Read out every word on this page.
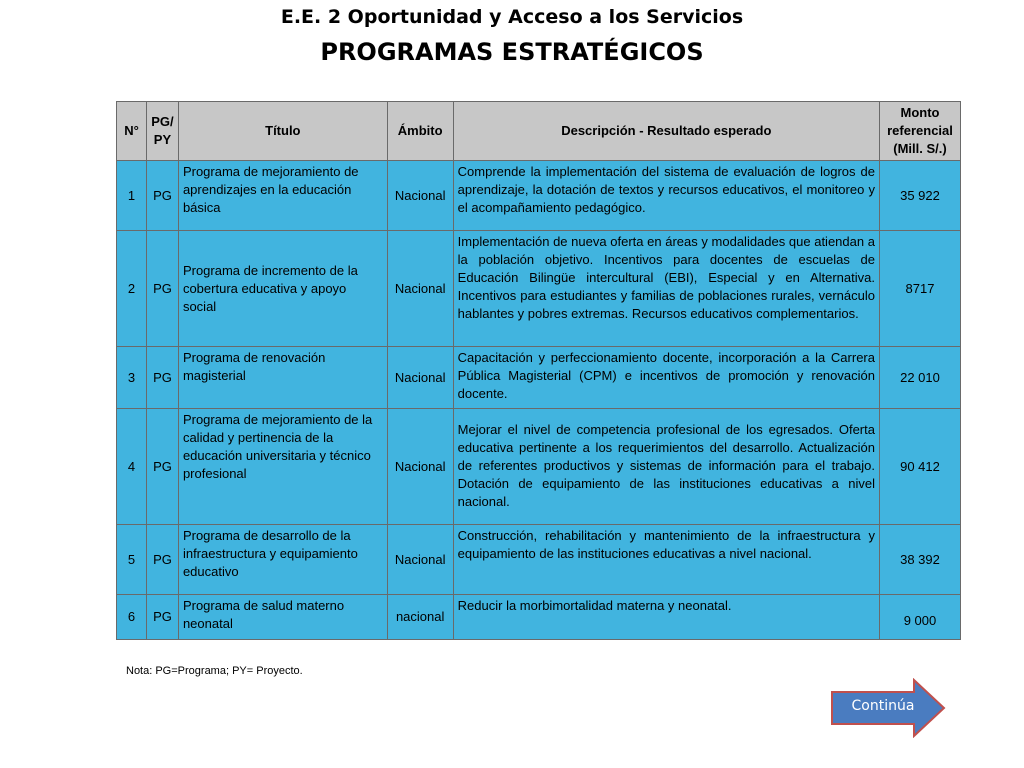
E.E. 2 Oportunidad y Acceso a los Servicios
PROGRAMAS ESTRATÉGICOS
N°	PG/ PY	Título	Ámbito	Descripción - Resultado esperado	Monto referencial (Mill. S/.)
1	PG	Programa de mejoramiento de aprendizajes en la educación básica	Nacional	Comprende la implementación del sistema de evaluación de logros de aprendizaje, la dotación de textos y recursos educativos, el monitoreo y el acompañamiento pedagógico.	35 922
2	PG	Programa de incremento de la cobertura educativa y apoyo social	Nacional	Implementación de nueva oferta en áreas y modalidades que atiendan a la población objetivo. Incentivos para docentes de escuelas de Educación Bilingüe intercultural (EBI), Especial y en Alternativa. Incentivos para estudiantes y familias de poblaciones rurales, vernáculo hablantes y pobres extremas. Recursos educativos complementarios.	8717
3	PG	Programa de renovación magisterial	Nacional	Capacitación y perfeccionamiento docente, incorporación a la Carrera Pública Magisterial (CPM) e incentivos de promoción y renovación docente.	22 010
4	PG	Programa de mejoramiento de la calidad y pertinencia de la educación universitaria y técnico profesional	Nacional	Mejorar el nivel de competencia profesional de los egresados. Oferta educativa pertinente a los requerimientos del desarrollo. Actualización de referentes productivos y sistemas de información para el trabajo. Dotación de equipamiento de las instituciones educativas a nivel nacional.	90 412
5	PG	Programa de desarrollo de la infraestructura y equipamiento educativo	Nacional	Construcción, rehabilitación y mantenimiento de la infraestructura y equipamiento de las instituciones educativas a nivel nacional.	38 392
6	PG	Programa de salud materno neonatal	nacional	Reducir la morbimortalidad materna y neonatal.	9 000
Nota: PG=Programa; PY= Proyecto.
Continúa
